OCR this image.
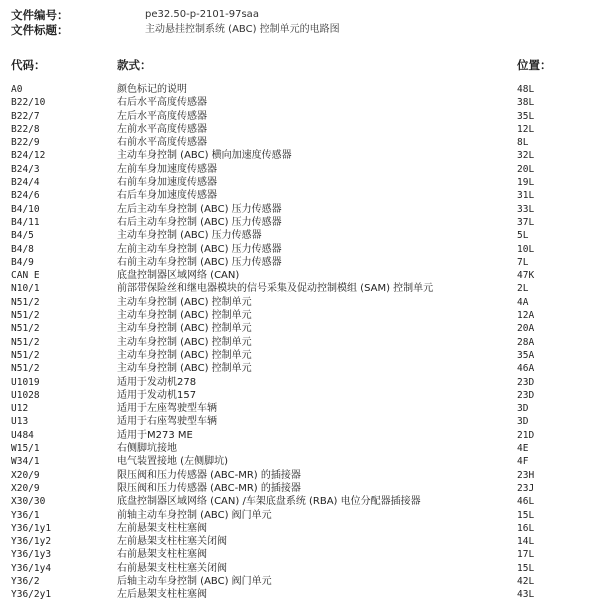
文件编号：	pe32.50-p-2101-97saa
文件标题：	主动悬挂控制系统 (ABC) 控制单元的电路图
代码：	款式：	位置：
A0	颜色标记的说明	48L
B22/10	右后水平高度传感器	38L
B22/7	左后水平高度传感器	35L
B22/8	左前水平高度传感器	12L
B22/9	右前水平高度传感器	8L
B24/12	主动车身控制 (ABC) 横向加速度传感器	32L
B24/3	左前车身加速度传感器	20L
B24/4	右前车身加速度传感器	19L
B24/6	右后车身加速度传感器	31L
B4/10	左后主动车身控制 (ABC) 压力传感器	33L
B4/11	右后主动车身控制 (ABC) 压力传感器	37L
B4/5	主动车身控制 (ABC) 压力传感器	5L
B4/8	左前主动车身控制 (ABC) 压力传感器	10L
B4/9	右前主动车身控制 (ABC) 压力传感器	7L
CAN E	底盘控制器区域网络 (CAN)	47K
N10/1	前部带保险丝和继电器模块的信号采集及促动控制模组 (SAM) 控制单元	2L
N51/2	主动车身控制 (ABC) 控制单元	4A
N51/2	主动车身控制 (ABC) 控制单元	12A
N51/2	主动车身控制 (ABC) 控制单元	20A
N51/2	主动车身控制 (ABC) 控制单元	28A
N51/2	主动车身控制 (ABC) 控制单元	35A
N51/2	主动车身控制 (ABC) 控制单元	46A
U1019	适用于发动机278	23D
U1028	适用于发动机157	23D
U12	适用于左座驾驶型车辆	3D
U13	适用于右座驾驶型车辆	3D
U484	适用于M273 ME	21D
W15/1	右侧脚坑接地	4E
W34/1	电气装置接地 (左侧脚坑)	4F
X20/9	限压阀和压力传感器 (ABC-MR) 的插接器	23H
X20/9	限压阀和压力传感器 (ABC-MR) 的插接器	23J
X30/30	底盘控制器区域网络 (CAN) /车架底盘系统 (RBA) 电位分配器插接器	46L
Y36/1	前轴主动车身控制 (ABC) 阀门单元	15L
Y36/1y1	左前悬架支柱柱塞阀	16L
Y36/1y2	左前悬架支柱柱塞关闭阀	14L
Y36/1y3	右前悬架支柱柱塞阀	17L
Y36/1y4	右前悬架支柱柱塞关闭阀	15L
Y36/2	后轴主动车身控制 (ABC) 阀门单元	42L
Y36/2y1	左后悬架支柱柱塞阀	43L
